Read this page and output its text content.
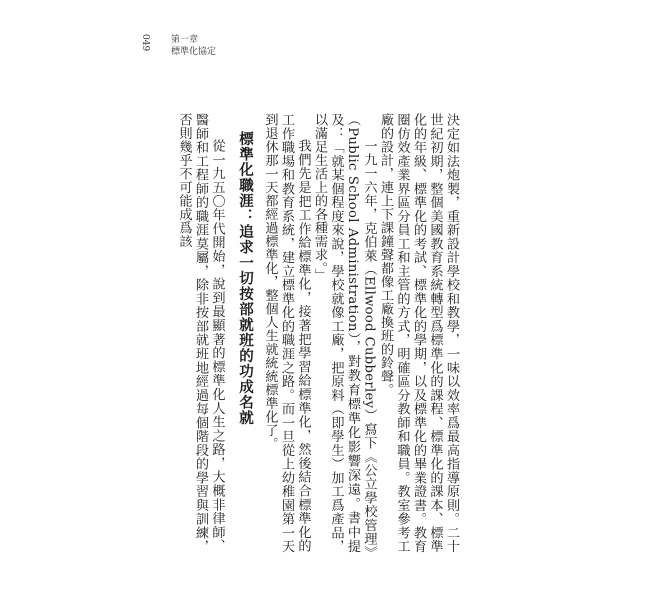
049 第一章
標準化協定

決定如法炮製，重新設計學校和教學，一味以效率爲最高指導原則。二十世紀初期，整個美國教育系統轉型爲標準化的課程、標準化的課本、標準化的年級、標準化的考試、標準化的學期，以及標準化的畢業證書。教育圈仿效產業界區分員工和主管的方式，明確區分教師和職員。教室參考工廠的設計，連上下課鐘聲都像工廠換班的鈴聲。

一九一六年，克伯萊（Ellwood Cubberley）寫下《公立學校管理》（Public School Administration），對教育標準化影響深遠。書中提及：「就某個程度來說，學校就像工廠，把原料（即學生）加工爲產品，以滿足生活上的各種需求。」

我們先是把工作給標準化，接著把學習給標準化，然後結合標準化的工作職場和教育系統，建立標準化的職涯之路。而一旦從上幼稚園第一天到退休那一天都經過標準化，整個人生就統統標準化了。

標準化職涯：追求一切按部就班的功成名就

從一九五〇年代開始，說到最顯著的標準化人生之路，大概非律師、醫師和工程師的職涯莫屬，除非按部就班地經過每個階段的學習與訓練，否則幾乎不可能成爲該
